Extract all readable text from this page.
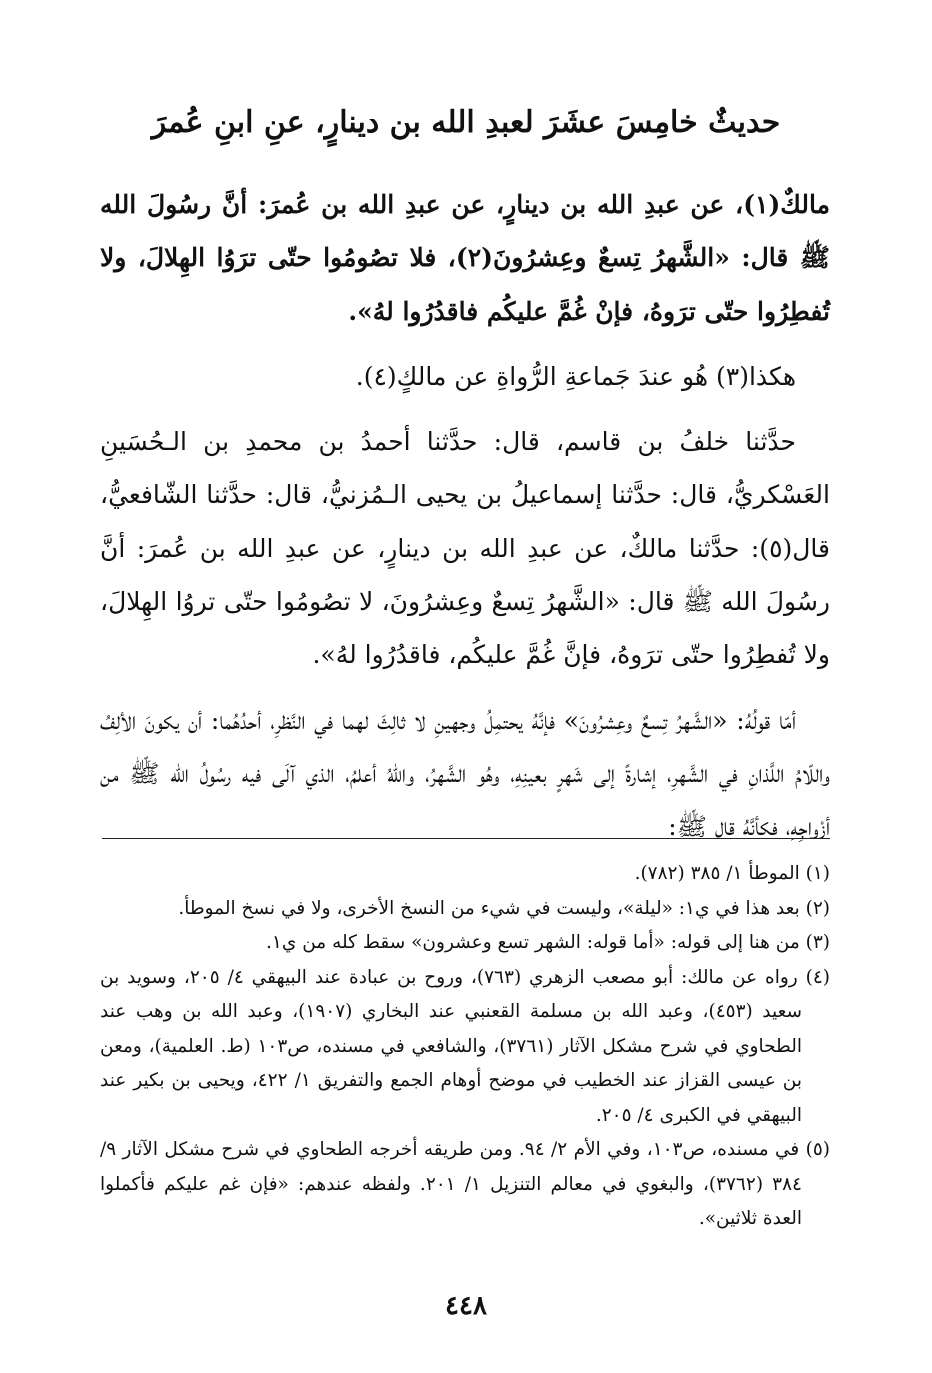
حديثٌ خامِسَ عشَرَ لعبدِ الله بن دينارٍ، عنِ ابنِ عُمرَ

مالكٌ(١)، عن عبدِ الله بن دينارٍ، عن عبدِ الله بن عُمرَ: أنَّ رسُولَ الله ﷺ قال: «الشَّهرُ تِسعٌ وعِشرُونَ(٢)، فلا تصُومُوا حتّى ترَوُا الهِلالَ، ولا تُفطِرُوا حتّى ترَوهُ، فإنْ غُمَّ عليكُم فاقدُرُوا لهُ».

هكذا(٣) هُو عندَ جَماعةِ الرُّواةِ عن مالكٍ(٤).

حدَّثنا خلفُ بن قاسم، قال: حدَّثنا أحمدُ بن محمدِ بن الـحُسَينِ العَسْكريُّ، قال: حدَّثنا إسماعيلُ بن يحيى الـمُزنيُّ، قال: حدَّثنا الشّافعيُّ، قال(٥): حدَّثنا مالكٌ، عن عبدِ الله بن دينارٍ، عن عبدِ الله بن عُمرَ: أنَّ رسُولَ الله ﷺ قال: «الشَّهرُ تِسعٌ وعِشرُونَ، لا تصُومُوا حتّى تروُا الهِلالَ، ولا تُفطِرُوا حتّى ترَوهُ، فإنَّ غُمَّ عليكُم، فاقدُرُوا لهُ».

أمّا قولُهُ: «الشَّهرُ تِسعٌ وعِشرُونَ» فإنَّهُ يحتمِلُ وجهينِ لا ثالِثَ لهما في النَّظرِ، أحدُهُما: أن يكونَ الألِفُ واللّامُ اللَّذانِ في الشَّهرِ، إشارةً إلى شَهرٍ بعينِهِ، وهُو الشَّهرُ، واللهُ أعلمُ، الذي آلَى فيه رسُولُ الله ﷺ من أزْواجِهِ، فكأنَّهُ قال ﷺ:

(١) الموطأ ١/ ٣٨٥ (٧٨٢).

(٢) بعد هذا في ي١: «ليلة»، وليست في شيء من النسخ الأخرى، ولا في نسخ الموطأ.

(٣) من هنا إلى قوله: «أما قوله: الشهر تسع وعشرون» سقط كله من ي١.

(٤) رواه عن مالك: أبو مصعب الزهري (٧٦٣)، وروح بن عبادة عند البيهقي ٤/ ٢٠٥، وسويد بن سعيد (٤٥٣)، وعبد الله بن مسلمة القعنبي عند البخاري (١٩٠٧)، وعبد الله بن وهب عند الطحاوي في شرح مشكل الآثار (٣٧٦١)، والشافعي في مسنده، ص١٠٣ (ط. العلمية)، ومعن بن عيسى القزاز عند الخطيب في موضح أوهام الجمع والتفريق ١/ ٤٢٢، ويحيى بن بكير عند البيهقي في الكبرى ٤/ ٢٠٥.

(٥) في مسنده، ص١٠٣، وفي الأم ٢/ ٩٤. ومن طريقه أخرجه الطحاوي في شرح مشكل الآثار ٩/ ٣٨٤ (٣٧٦٢)، والبغوي في معالم التنزيل ١/ ٢٠١. ولفظه عندهم: «فإن غم عليكم فأكملوا العدة ثلاثين».

٤٤٨
